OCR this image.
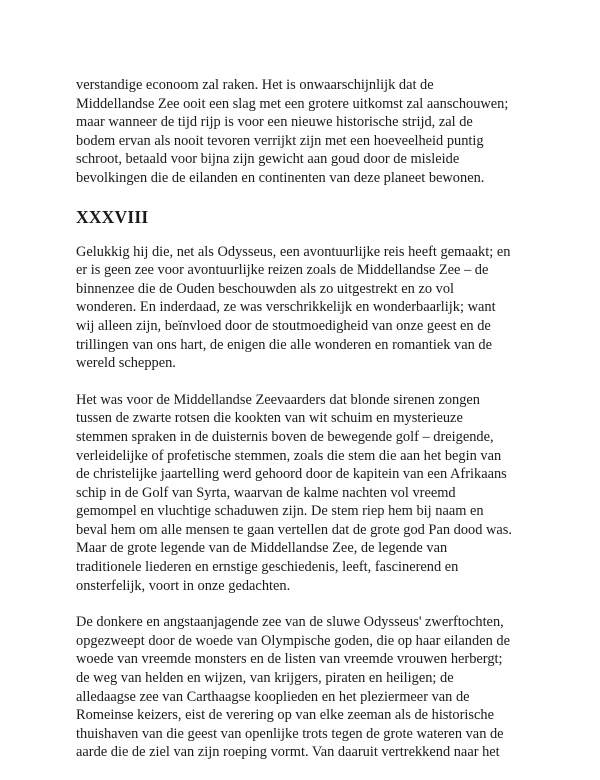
verstandige econoom zal raken. Het is onwaarschijnlijk dat de
Middellandse Zee ooit een slag met een grotere uitkomst zal aanschouwen;
maar wanneer de tijd rijp is voor een nieuwe historische strijd, zal de
bodem ervan als nooit tevoren verrijkt zijn met een hoeveelheid puntig
schroot, betaald voor bijna zijn gewicht aan goud door de misleide
bevolkingen die de eilanden en continenten van deze planeet bewonen.
XXXVIII
Gelukkig hij die, net als Odysseus, een avontuurlijke reis heeft gemaakt; en
er is geen zee voor avontuurlijke reizen zoals de Middellandse Zee – de
binnenzee die de Ouden beschouwden als zo uitgestrekt en zo vol
wonderen. En inderdaad, ze was verschrikkelijk en wonderbaarlijk; want
wij alleen zijn, beïnvloed door de stoutmoedigheid van onze geest en de
trillingen van ons hart, de enigen die alle wonderen en romantiek van de
wereld scheppen.
Het was voor de Middellandse Zeevaarders dat blonde sirenen zongen
tussen de zwarte rotsen die kookten van wit schuim en mysterieuze
stemmen spraken in de duisternis boven de bewegende golf – dreigende,
verleidelijke of profetische stemmen, zoals die stem die aan het begin van
de christelijke jaartelling werd gehoord door de kapitein van een Afrikaans
schip in de Golf van Syrta, waarvan de kalme nachten vol vreemd
gemompel en vluchtige schaduwen zijn. De stem riep hem bij naam en
beval hem om alle mensen te gaan vertellen dat de grote god Pan dood was.
Maar de grote legende van de Middellandse Zee, de legende van
traditionele liederen en ernstige geschiedenis, leeft, fascinerend en
onsterfelijk, voort in onze gedachten.
De donkere en angstaanjagende zee van de sluwe Odysseus' zwerftochten,
opgezweept door de woede van Olympische goden, die op haar eilanden de
woede van vreemde monsters en de listen van vreemde vrouwen herbergt;
de weg van helden en wijzen, van krijgers, piraten en heiligen; de
alledaagse zee van Carthaagse kooplieden en het pleziermeer van de
Romeinse keizers, eist de verering op van elke zeeman als de historische
thuishaven van die geest van openlijke trots tegen de grote wateren van de
aarde die de ziel van zijn roeping vormt. Van daaruit vertrekkend naar het
